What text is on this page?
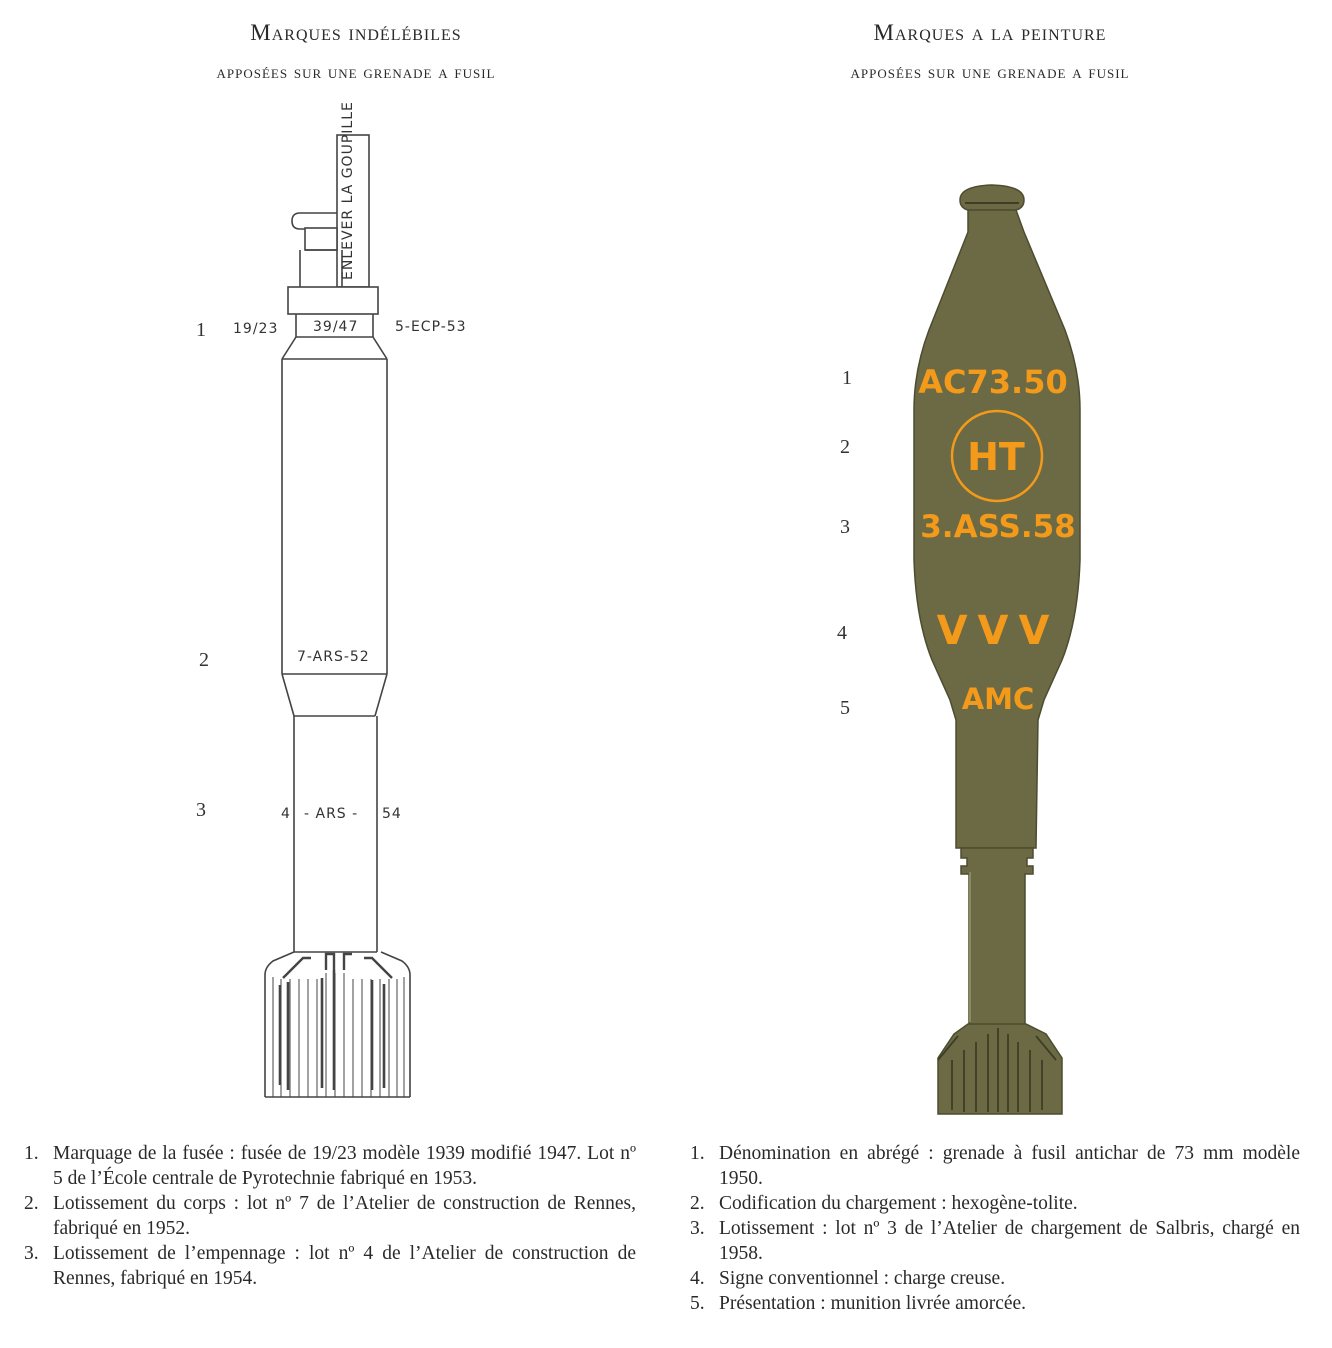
Marques indélébiles
apposées sur une grenade a fusil
Marques a la peinture
apposées sur une grenade a fusil
ENLEVER LA GOUPILLE
19/23 39/47	5-ECP-53
7-ARS-52
4 - ARS - 54
1
2
3
AC73.50
HT
3.ASS.58
VVV
AMC
1
2
3
4
5
1. Marquage de la fusée : fusée de 19/23 modèle 1939 modifié 1947. Lot nº 5 de l’École centrale de Pyrotechnie fabriqué en 1953.
2. Lotissement du corps : lot nº 7 de l’Atelier de construction de Rennes, fabriqué en 1952.
3. Lotissement de l’empennage : lot nº 4 de l’Atelier de construction de Rennes, fabriqué en 1954.
1. Dénomination en abrégé : grenade à fusil antichar de 73 mm modèle 1950.
2. Codification du chargement : hexogène-tolite.
3. Lotissement : lot nº 3 de l’Atelier de chargement de Salbris, chargé en 1958.
4. Signe conventionnel : charge creuse.
5. Présentation : munition livrée amorcée.
